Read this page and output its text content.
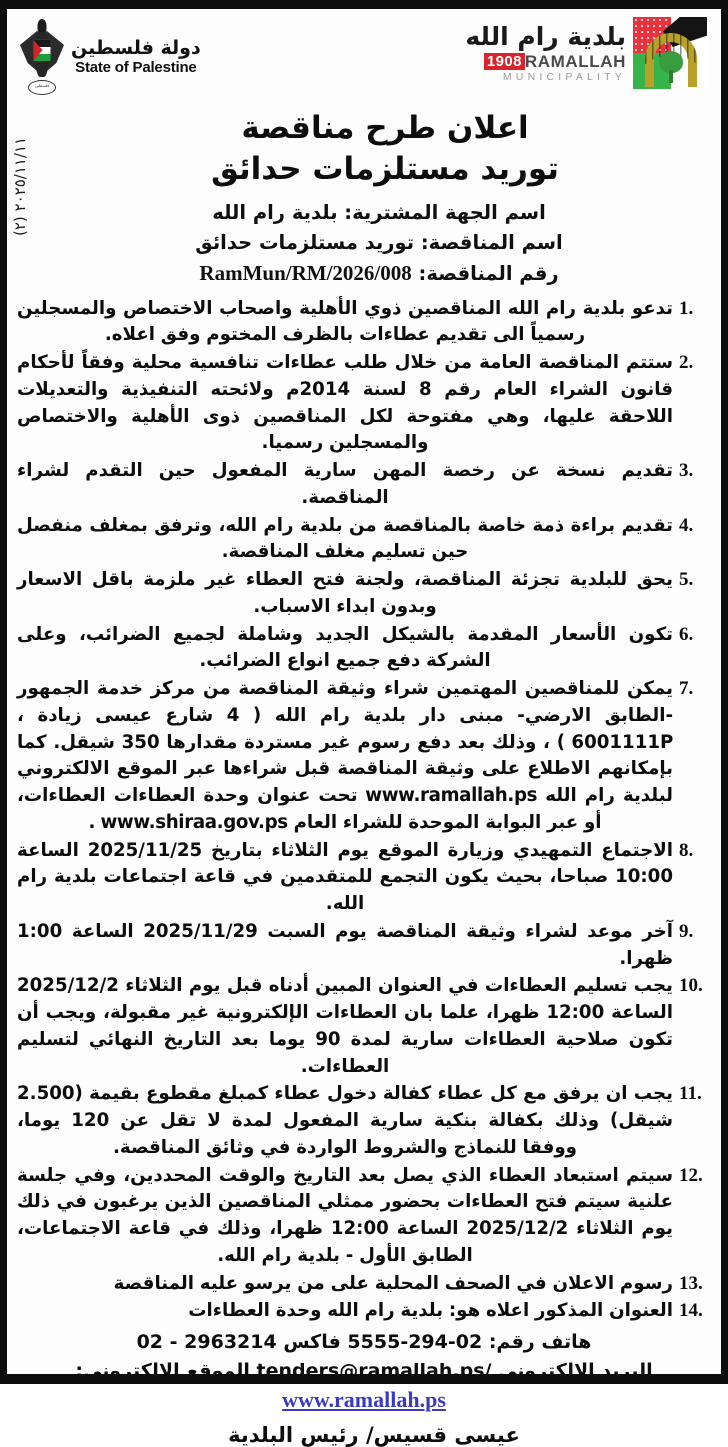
دولة فلسطين
State of Palestine
فلسطين
بلدية رام الله
RAMALLAH
1908
MUNICIPALITY
٢٠٢٥/١١/١١ (٢)
اعلان طرح مناقصة
توريد مستلزمات حدائق
اسم الجهة المشترية: بلدية رام الله
اسم المناقصة: توريد مستلزمات حدائق
رقم المناقصة: RamMun/RM/2026/008
1.
تدعو بلدية رام الله المناقصين ذوي الأهلية واصحاب الاختصاص والمسجلين رسمياً الى تقديم عطاءات بالظرف المختوم وفق اعلاه.
2.
ستتم المناقصة العامة من خلال طلب عطاءات تنافسية محلية وفقاً لأحكام قانون الشراء العام رقم 8 لسنة 2014م ولائحته التنفيذية والتعديلات اللاحقة عليها، وهي مفتوحة لكل المناقصين ذوى الأهلية والاختصاص والمسجلين رسميا.
3.
تقديم نسخة عن رخصة المهن سارية المفعول حين التقدم لشراء المناقصة.
4.
تقديم براءة ذمة خاصة بالمناقصة من بلدية رام الله، وترفق بمغلف منفصل حين تسليم مغلف المناقصة.
5.
يحق للبلدية تجزئة المناقصة، ولجنة فتح العطاء غير ملزمة باقل الاسعار وبدون ابداء الاسباب.
6.
تكون الأسعار المقدمة بالشيكل الجديد وشاملة لجميع الضرائب، وعلى الشركة دفع جميع انواع الضرائب.
7.
يمكن للمناقصين المهتمين شراء وثيقة المناقصة من مركز خدمة الجمهور -الطابق الارضي- مبنى دار بلدية رام الله ( 4 شارع عيسى زيادة ، 6001111P ) ، وذلك بعد دفع رسوم غير مستردة مقدارها 350 شيقل. كما بإمكانهم الاطلاع على وثيقة المناقصة قبل شراءها عبر الموقع الالكتروني لبلدية رام الله www.ramallah.ps تحت عنوان وحدة العطاءات العطاءات، أو عبر البوابة الموحدة للشراء العام www.shiraa.gov.ps .
8.
الاجتماع التمهيدي وزيارة الموقع يوم الثلاثاء بتاريخ 2025/11/25 الساعة 10:00 صباحا، بحيث يكون التجمع للمتقدمين في قاعة اجتماعات بلدية رام الله.
9.
آخر موعد لشراء وثيقة المناقصة يوم السبت 2025/11/29 الساعة 1:00 ظهرا.
10.
يجب تسليم العطاءات في العنوان المبين أدناه قبل يوم الثلاثاء 2025/12/2 الساعة 12:00 ظهرا، علما بان العطاءات الإلكترونية غير مقبولة، ويجب أن تكون صلاحية العطاءات سارية لمدة 90 يوما بعد التاريخ النهائي لتسليم العطاءات.
11.
يجب ان يرفق مع كل عطاء كفالة دخول عطاء كمبلغ مقطوع بقيمة (2.500 شيقل) وذلك بكفالة بنكية سارية المفعول لمدة لا تقل عن 120 يوما، ووفقا للنماذج والشروط الواردة في وثائق المناقصة.
12.
سيتم استبعاد العطاء الذي يصل بعد التاريخ والوقت المحددين، وفي جلسة علنية سيتم فتح العطاءات بحضور ممثلي المناقصين الذين يرغبون في ذلك يوم الثلاثاء 2025/12/2 الساعة 12:00 ظهرا، وذلك في قاعة الاجتماعات، الطابق الأول - بلدية رام الله.
13.
رسوم الاعلان في الصحف المحلية على من يرسو عليه المناقصة
14.
العنوان المذكور اعلاه هو: بلدية رام الله وحدة العطاءات
هاتف رقم: 02-294-5555 فاكس 2963214 - 02
البريد الالكتروني /tenders@ramallah.ps الموقع الإلكتروني:
www.ramallah.ps
عيسى قسيس/ رئيس البلدية
